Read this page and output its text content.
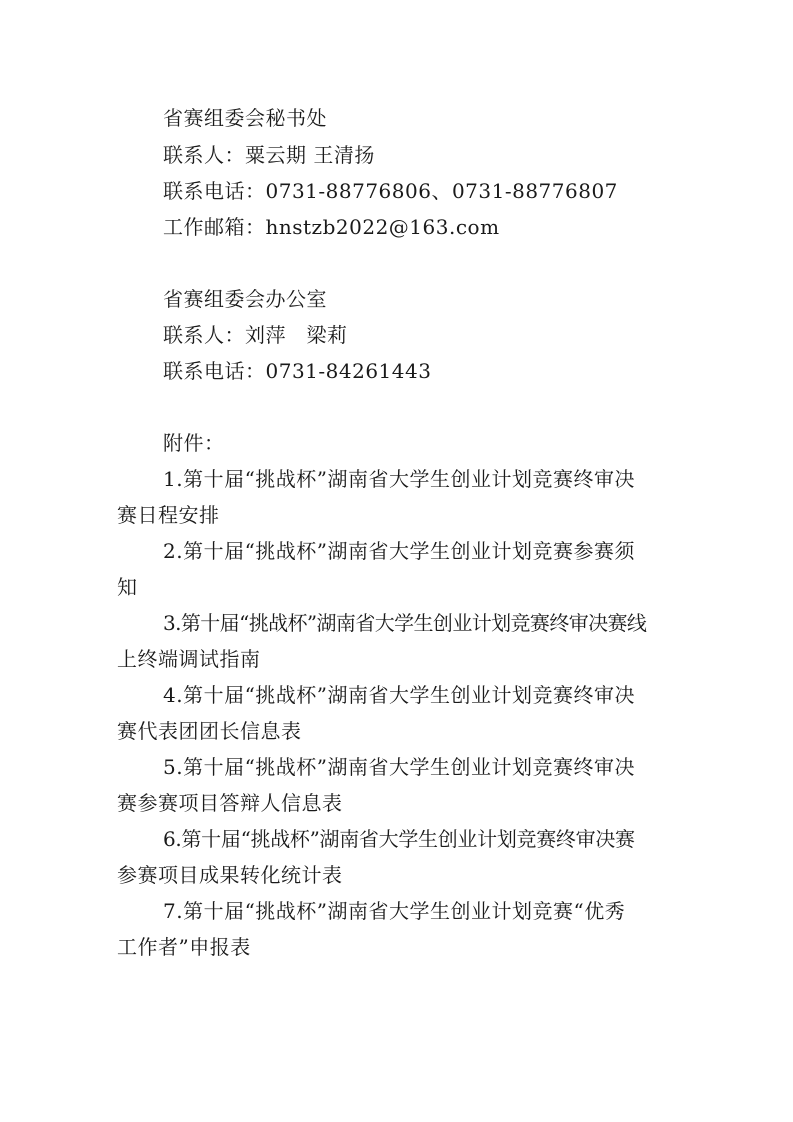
省赛组委会秘书处
联系人：粟云期 王清扬
联系电话：0731-88776806、0731-88776807
工作邮箱：hnstzb2022@163.com
省赛组委会办公室
联系人：刘萍　梁莉
联系电话：0731-84261443
附件：
1.第十届“挑战杯”湖南省大学生创业计划竞赛终审决
赛日程安排
2.第十届“挑战杯”湖南省大学生创业计划竞赛参赛须
知
3.第十届“挑战杯”湖南省大学生创业计划竞赛终审决赛线
上终端调试指南
4.第十届“挑战杯”湖南省大学生创业计划竞赛终审决
赛代表团团长信息表
5.第十届“挑战杯”湖南省大学生创业计划竞赛终审决
赛参赛项目答辩人信息表
6.第十届“挑战杯”湖南省大学生创业计划竞赛终审决赛
参赛项目成果转化统计表
7.第十届“挑战杯”湖南省大学生创业计划竞赛“优秀
工作者”申报表
